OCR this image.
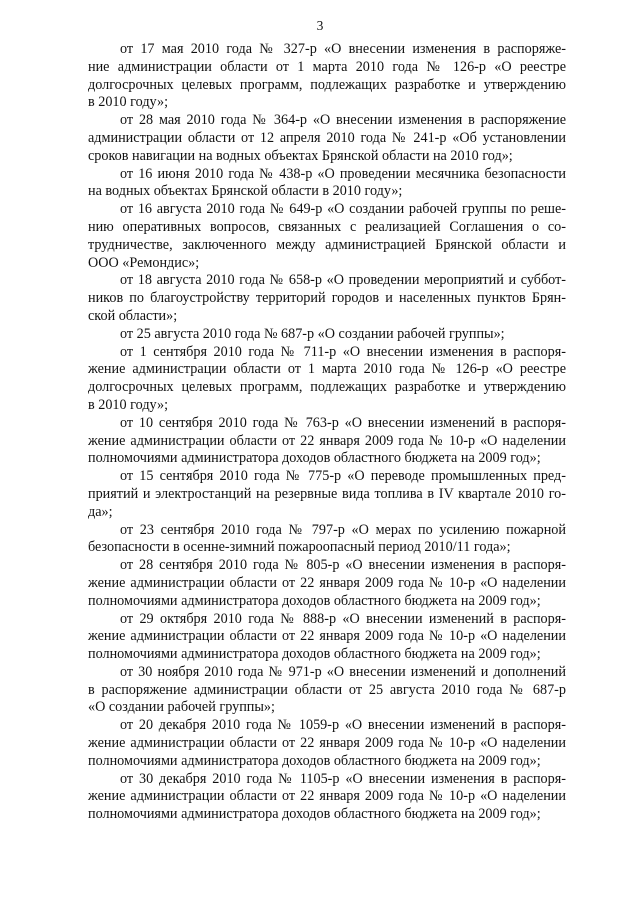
3
от 17 мая 2010 года № 327-р «О внесении изменения в распоряже-
ние администрации области от 1 марта 2010 года № 126-р «О реестре
долгосрочных целевых программ, подлежащих разработке и утверждению
в 2010 году»;
от 28 мая 2010 года № 364-р «О внесении изменения в распоряжение
администрации области от 12 апреля 2010 года № 241-р «Об установлении
сроков навигации на водных объектах Брянской области на 2010 год»;
от 16 июня 2010 года № 438-р «О проведении месячника безопасности
на водных объектах Брянской области в 2010 году»;
от 16 августа 2010 года № 649-р «О создании рабочей группы по реше-
нию оперативных вопросов, связанных с реализацией Соглашения о со-
трудничестве, заключенного между администрацией Брянской области и
ООО «Ремондис»;
от 18 августа 2010 года № 658-р «О проведении мероприятий и суббот-
ников по благоустройству территорий городов и населенных пунктов Брян-
ской области»;
от 25 августа 2010 года № 687-р «О создании рабочей группы»;
от 1 сентября 2010 года № 711-р «О внесении изменения в распоря-
жение администрации области от 1 марта 2010 года № 126-р «О реестре
долгосрочных целевых программ, подлежащих разработке и утверждению
в 2010 году»;
от 10 сентября 2010 года № 763-р «О внесении изменений в распоря-
жение администрации области от 22 января 2009 года № 10-р «О наделении
полномочиями администратора доходов областного бюджета на 2009 год»;
от 15 сентября 2010 года № 775-р «О переводе промышленных пред-
приятий и электростанций на резервные вида топлива в IV квартале 2010 го-
да»;
от 23 сентября 2010 года № 797-р «О мерах по усилению пожарной
безопасности в осенне-зимний пожароопасный период 2010/11 года»;
от 28 сентября 2010 года № 805-р «О внесении изменения в распоря-
жение администрации области от 22 января 2009 года № 10-р «О наделении
полномочиями администратора доходов областного бюджета на 2009 год»;
от 29 октября 2010 года № 888-р «О внесении изменений в распоря-
жение администрации области от 22 января 2009 года № 10-р «О наделении
полномочиями администратора доходов областного бюджета на 2009 год»;
от 30 ноября 2010 года № 971-р «О внесении изменений и дополнений
в распоряжение администрации области от 25 августа 2010 года № 687-р
«О создании рабочей группы»;
от 20 декабря 2010 года № 1059-р «О внесении изменений в распоря-
жение администрации области от 22 января 2009 года № 10-р «О наделении
полномочиями администратора доходов областного бюджета на 2009 год»;
от 30 декабря 2010 года № 1105-р «О внесении изменения в распоря-
жение администрации области от 22 января 2009 года № 10-р «О наделении
полномочиями администратора доходов областного бюджета на 2009 год»;
